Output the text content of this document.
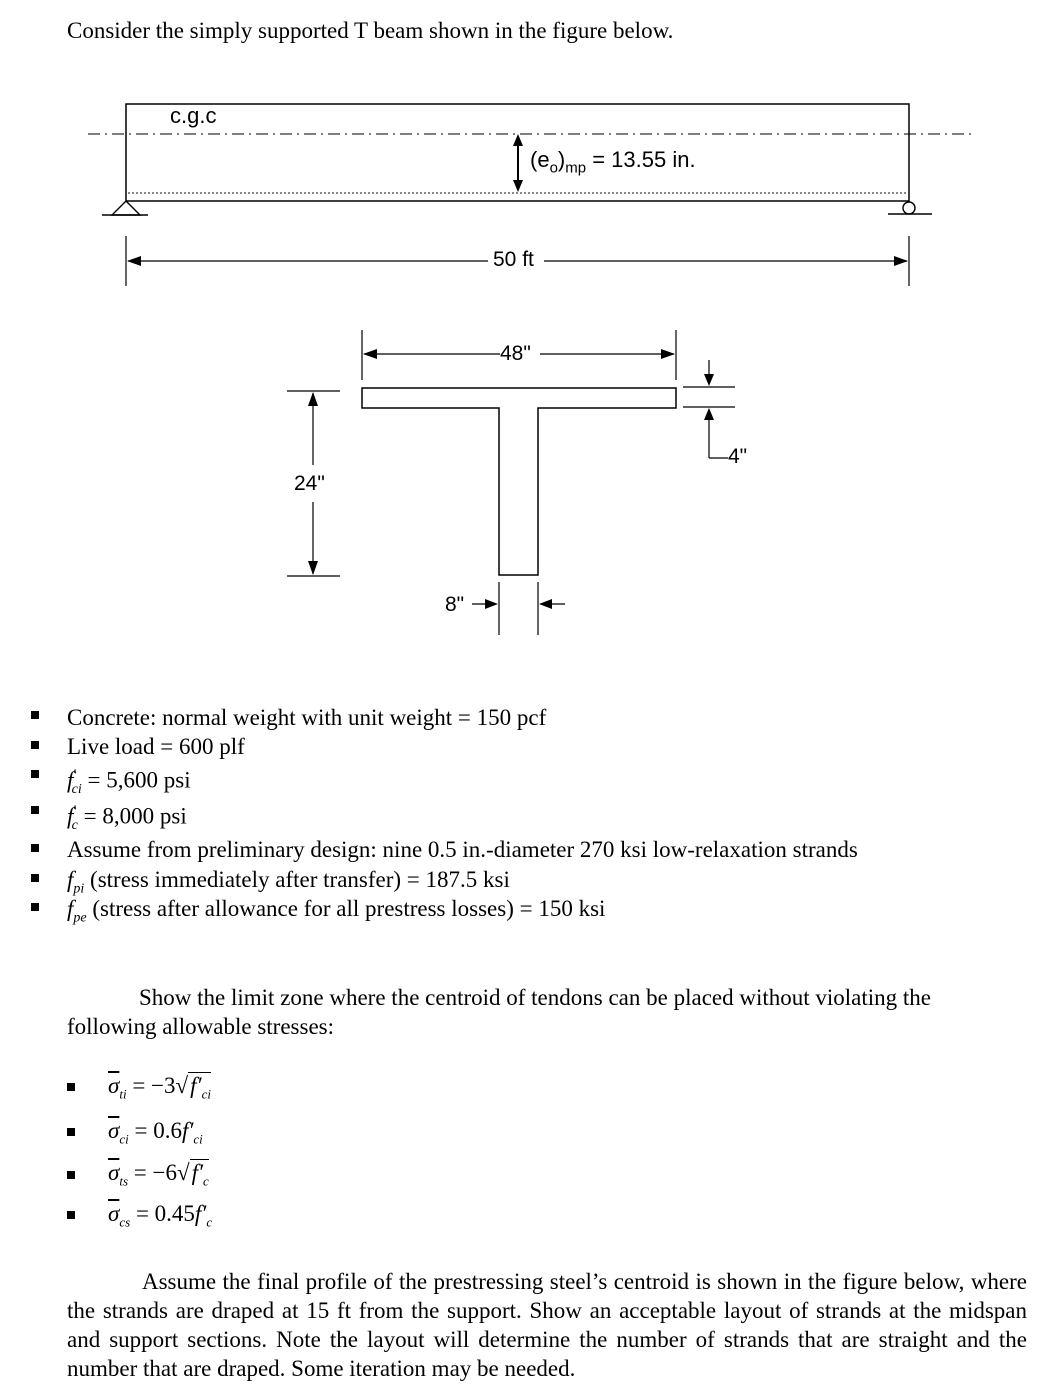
Consider the simply supported T beam shown in the figure below.
c.g.c
$(e_o)_{mp} = 13.55$ in.
50 ft
48"
24"
8"
4"
Concrete: normal weight with unit weight = 150 pcf
Live load = 600 plf
$f'_{ci} = 5,600$ psi
$f'_c = 8,000$ psi
Assume from preliminary design: nine 0.5 in.-diameter 270 ksi low-relaxation strands
$f_{pi}$ (stress immediately after transfer) = 187.5 ksi
$f_{pe}$ (stress after allowance for all prestress losses) = 150 ksi
Show the limit zone where the centroid of tendons can be placed without violating the
following allowable stresses:
$\overline{\sigma}_{ti} = -3√f'_{ci}$
$\overline{\sigma}_{ci} = 0.6f'_{ci}$
$\overline{\sigma}_{ts} = -6√f'_c$
$\overline{\sigma}_{cs} = 0.45f'_c$
Assume the final profile of the prestressing steel’s centroid is shown in the figure below, where the strands are draped at 15 ft from the support. Show an acceptable layout of strands at the midspan and support sections. Note the layout will determine the number of strands that are straight and the number that are draped. Some iteration may be needed.
